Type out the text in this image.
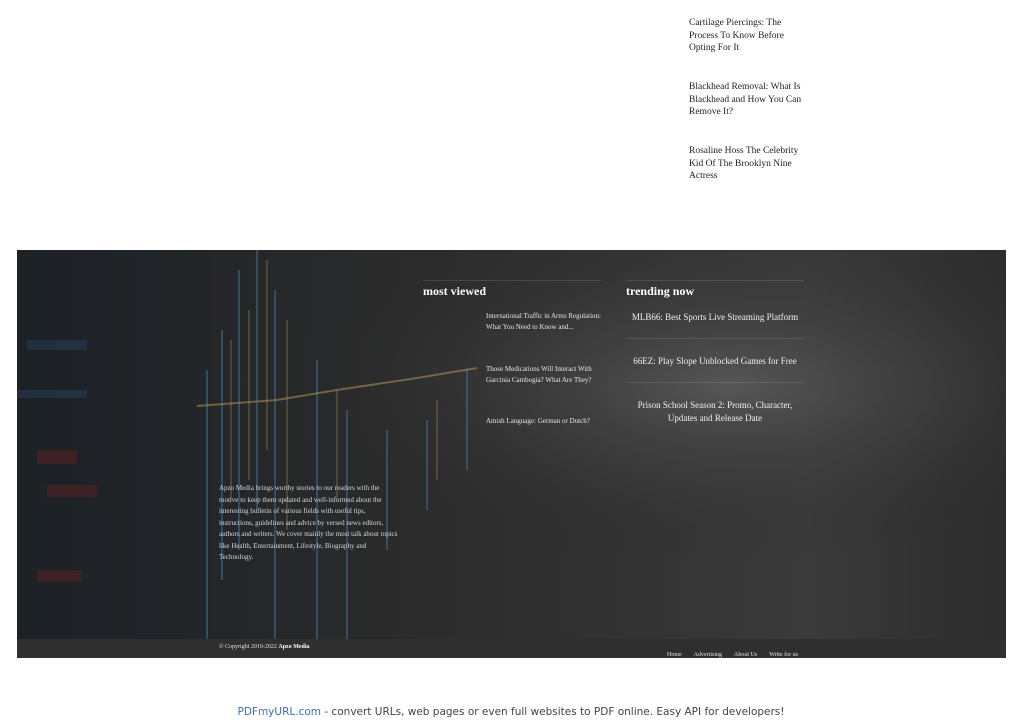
Cartilage Piercings: The Process To Know Before Opting For It
Blackhead Removal: What Is Blackhead and How You Can Remove It?
Rosaline Hoss The Celebrity Kid Of The Brooklyn Nine Actress
most viewed
International Traffic in Arms Regulation: What You Need to Know and...
Those Medications Will Interact With Garcinia Cambogia? What Are They?
Amish Language: German or Dutch?
trending now
MLB66: Best Sports Live Streaming Platform
66EZ: Play Slope Unblocked Games for Free
Prison School Season 2: Promo, Character, Updates and Release Date
Apzo Media brings worthy stories to our readers with the motive to keep them updated and well-informed about the interesting bulletin of various fields with useful tips, instructions, guidelines and advice by versed news editors, authors and writers. We cover mainly the most talk about topics like Health, Entertainment, Lifestyle, Biography and Technology.
© Copyright 2019-2022 Apzo Media
Home Advertising About Us Write for us
PDFmyURL.com - convert URLs, web pages or even full websites to PDF online. Easy API for developers!
